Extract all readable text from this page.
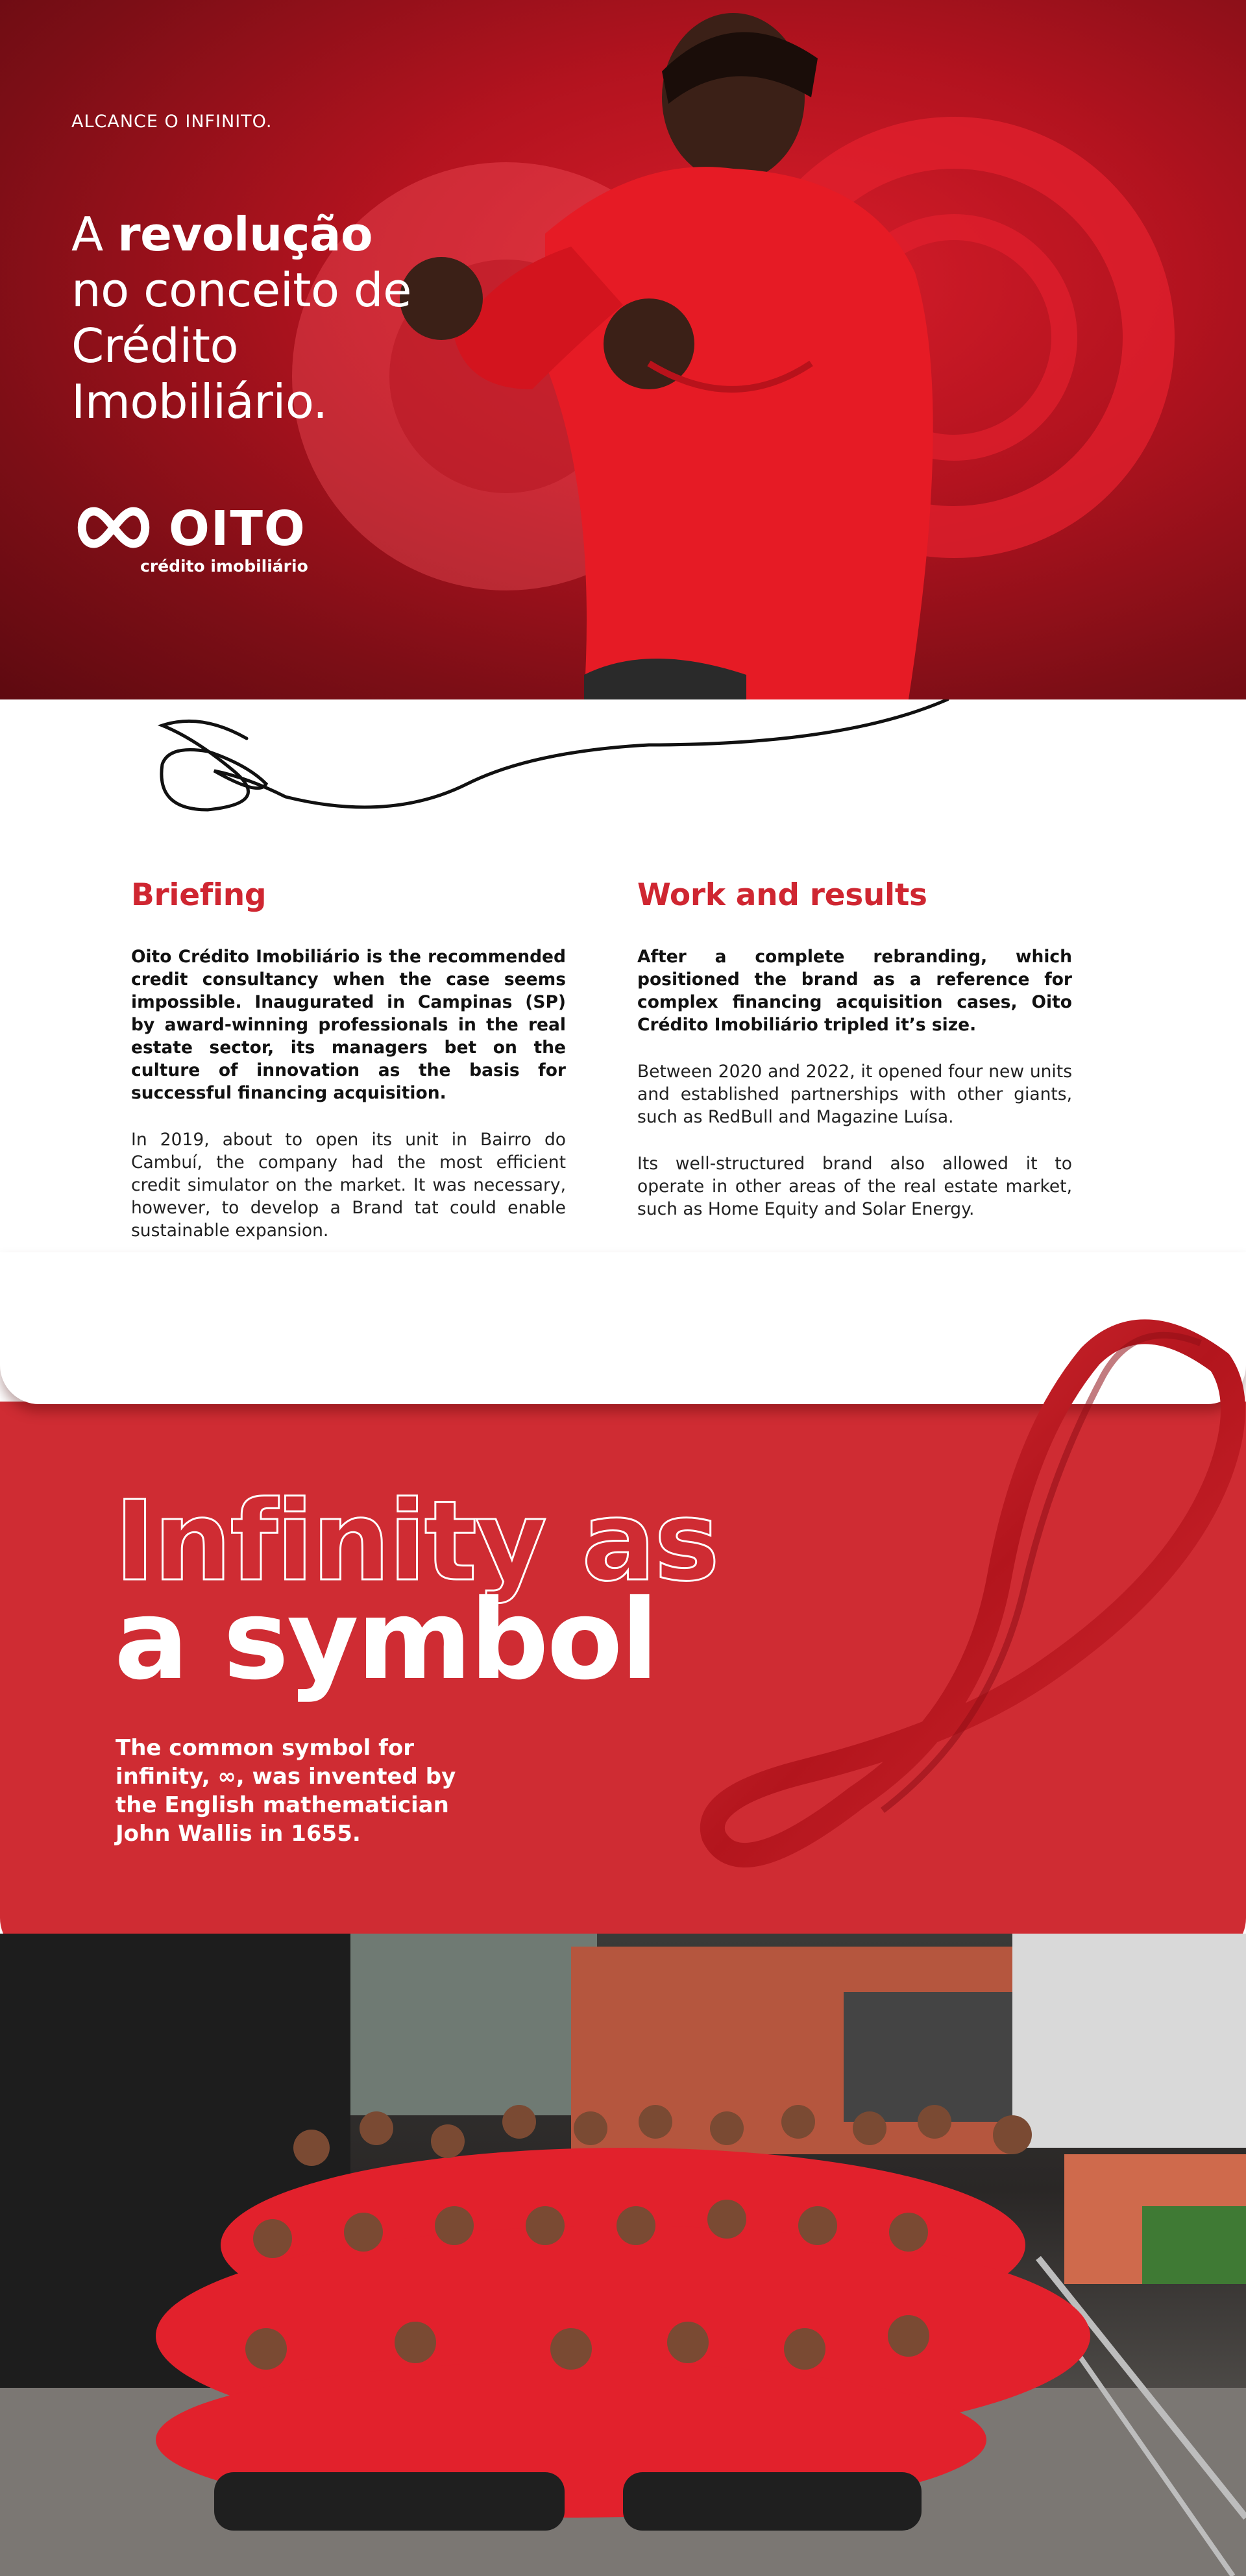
ALCANCE O INFINITO.
A revolução
no conceito de Crédito Imobiliário.
OITO
crédito imobiliário
Briefing

Oito Crédito Imobiliário is the recommended credit consultancy when the case seems impossible. Inaugurated in Campinas (SP) by award-winning professionals in the real estate sector, its managers bet on the culture of innovation as the basis for successful financing acquisition.

In 2019, about to open its unit in Bairro do Cambuí, the company had the most efficient credit simulator on the market. It was necessary, however, to develop a Brand tat could enable sustainable expansion.

Work and results

After a complete rebranding, which positioned the brand as a reference for complex financing acquisition cases, Oito Crédito Imobiliário tripled it’s size.

Between 2020 and 2022, it opened four new units and established partnerships with other giants, such as RedBull and Magazine Luísa.

Its well-structured brand also allowed it to operate in other areas of the real estate market, such as Home Equity and Solar Energy.

Infinity as
a symbol
The common symbol for infinity, ∞, was invented by the English mathematician John Wallis in 1655.
